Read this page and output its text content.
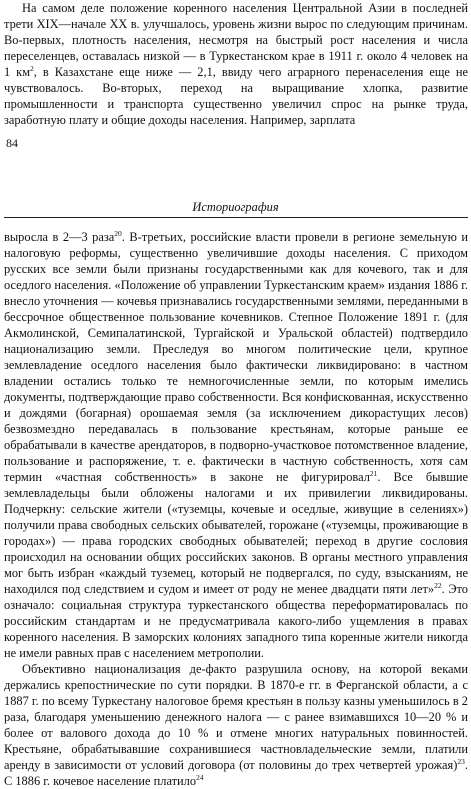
На самом деле положение коренного населения Центральной Азии в последней трети XIX—начале XX в. улучшалось, уровень жизни вырос по следующим причинам. Во-первых, плотность населения, несмотря на быстрый рост населения и числа переселенцев, оставалась низкой — в Туркестанском крае в 1911 г. около 4 человек на 1 $км^2$, в Казахстане еще ниже — 2,1, ввиду чего аграрного перенаселения еще не чувствовалось. Во-вторых, переход на выращивание хлопка, развитие промышленности и транспорта существенно увеличил спрос на рынке труда, заработную плату и общие доходы населения. Например, зарплата

84
Историография

выросла в 2—3 раза$^{20}$. В-третьих, российские власти провели в регионе земельную и налоговую реформы, существенно увеличившие доходы населения. С приходом русских все земли были признаны государственными как для кочевого, так и для оседлого населения. «Положение об управлении Туркестанским краем» издания 1886 г. внесло уточнения — кочевья признавались государственными землями, переданными в бессрочное общественное пользование кочевников. Степное Положение 1891 г. (для Акмолинской, Семипалатинской, Тургайской и Уральской областей) подтвердило национализацию земли. Преследуя во многом политические цели, крупное землевладение оседлого населения было фактически ликвидировано: в частном владении остались только те немногочисленные земли, по которым имелись документы, подтверждающие право собственности. Вся конфискованная, искусственно и дождями (богарная) орошаемая земля (за исключением дикорастущих лесов) безвозмездно передавалась в пользование крестьянам, которые раньше ее обрабатывали в качестве арендаторов, в подворно-участковое потомственное владение, пользование и распоряжение, т. е. фактически в частную собственность, хотя сам термин «частная собственность» в законе не фигурировал$^{21}$. Все бывшие землевладельцы были обложены налогами и их привилегии ликвидированы. Подчеркну: сельские жители («туземцы, кочевые и оседлые, живущие в селениях») получили права свободных сельских обывателей, горожане («туземцы, проживающие в городах») — права городских свободных обывателей; переход в другие сословия происходил на основании общих российских законов. В органы местного управления мог быть избран «каждый туземец, который не подвергался, по суду, взысканиям, не находился под следствием и судом и имеет от роду не менее двадцати пяти лет»$^{22}$. Это означало: социальная структура туркестанского общества переформатировалась по российским стандартам и не предусматривала какого-либо ущемления в правах коренного населения. В заморских колониях западного типа коренные жители никогда не имели равных прав с населением метрополии.

Объективно национализация де-факто разрушила основу, на которой веками держались крепостнические по сути порядки. В 1870-е гг. в Ферганской области, а с 1887 г. по всему Туркестану налоговое бремя крестьян в пользу казны уменьшилось в 2 раза, благодаря уменьшению денежного налога — с ранее взимавшихся 10—20 % и более от валового дохода до 10 % и отмене многих натуральных повинностей. Крестьяне, обрабатывавшие сохранившиеся частновладельческие земли, платили аренду в зависимости от условий договора (от половины до трех четвертей урожая)$^{23}$. С 1886 г. кочевое население платило$^{24}$
